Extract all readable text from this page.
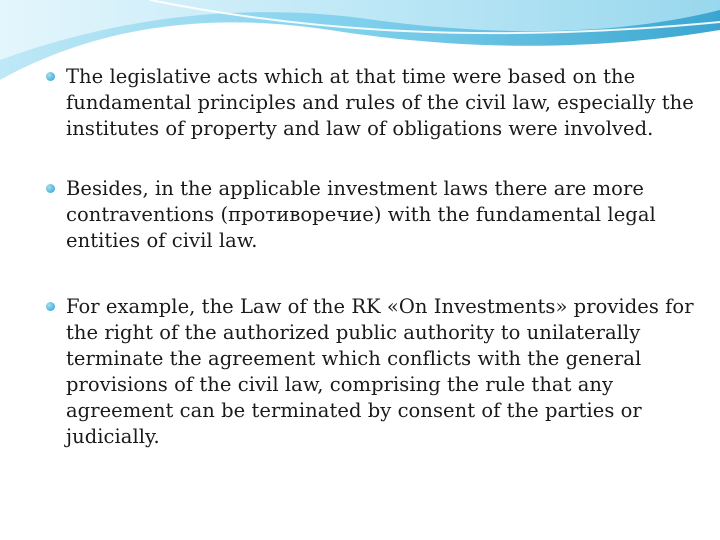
The legislative acts which at that time were based on the fundamental principles and rules of the civil law, especially the institutes of property and law of obligations were involved.
Besides, in the applicable investment laws there are more contraventions (противоречие) with the fundamental legal entities of civil law.
For example, the Law of the RK «On Investments» provides for the right of the authorized public authority to unilaterally terminate the agreement which conflicts with the general provisions of the civil law, comprising the rule that any agreement can be terminated by consent of the parties or judicially.
